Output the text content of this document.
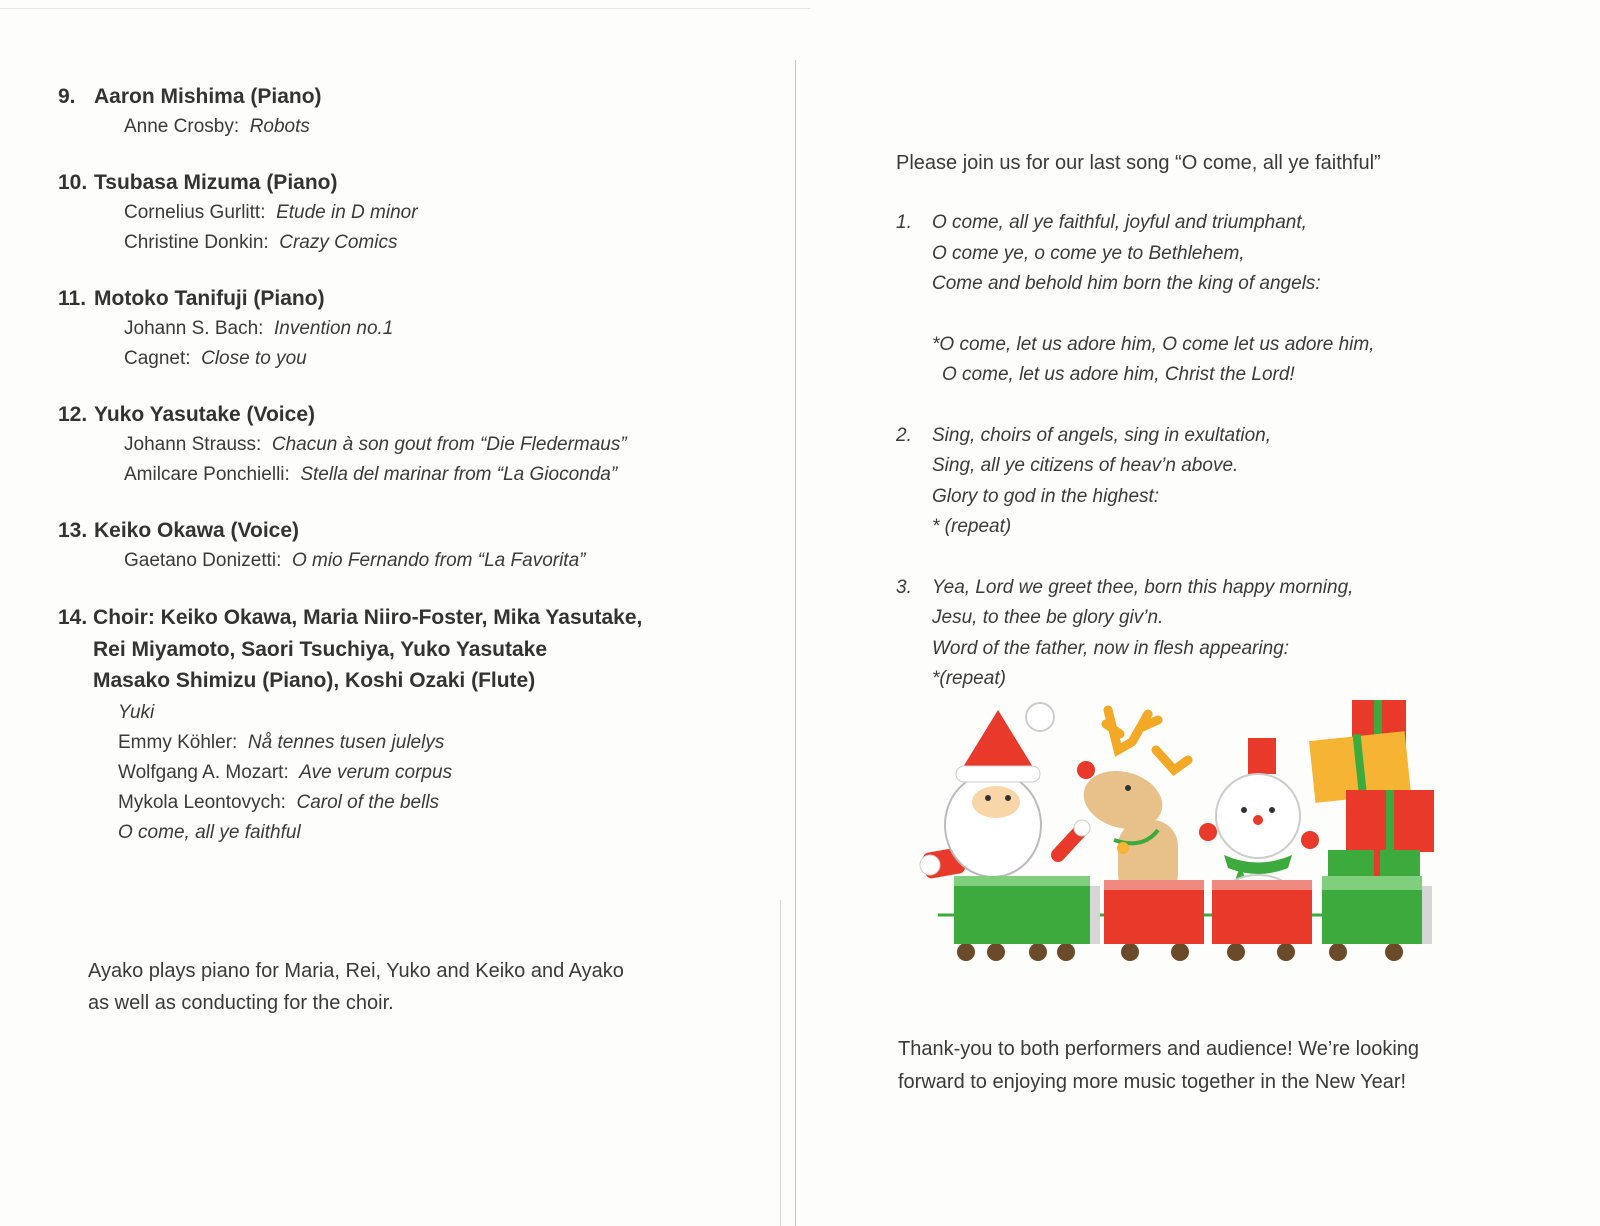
9. Aaron Mishima (Piano)
Anne Crosby: Robots
10. Tsubasa Mizuma (Piano)
Cornelius Gurlitt: Etude in D minor
Christine Donkin: Crazy Comics
11. Motoko Tanifuji (Piano)
Johann S. Bach: Invention no.1
Cagnet: Close to you
12. Yuko Yasutake (Voice)
Johann Strauss: Chacun à son gout from “Die Fledermaus”
Amilcare Ponchielli: Stella del marinar from “La Gioconda”
13. Keiko Okawa (Voice)
Gaetano Donizetti: O mio Fernando from “La Favorita”
14. Choir: Keiko Okawa, Maria Niiro-Foster, Mika Yasutake,
Rei Miyamoto, Saori Tsuchiya, Yuko Yasutake
Masako Shimizu (Piano), Koshi Ozaki (Flute)
Yuki
Emmy Köhler: Nå tennes tusen julelys
Wolfgang A. Mozart: Ave verum corpus
Mykola Leontovych: Carol of the bells
O come, all ye faithful
Ayako plays piano for Maria, Rei, Yuko and Keiko and Ayako
as well as conducting for the choir.
Please join us for our last song “O come, all ye faithful”
1.	O come, all ye faithful, joyful and triumphant,
O come ye, o come ye to Bethlehem,
Come and behold him born the king of angels:
*O come, let us adore him, O come let us adore him,
O come, let us adore him, Christ the Lord!
2.	Sing, choirs of angels, sing in exultation,
Sing, all ye citizens of heav’n above.
Glory to god in the highest:
* (repeat)
3.	Yea, Lord we greet thee, born this happy morning,
Jesu, to thee be glory giv’n.
Word of the father, now in flesh appearing:
*(repeat)
Thank-you to both performers and audience! We’re looking
forward to enjoying more music together in the New Year!
